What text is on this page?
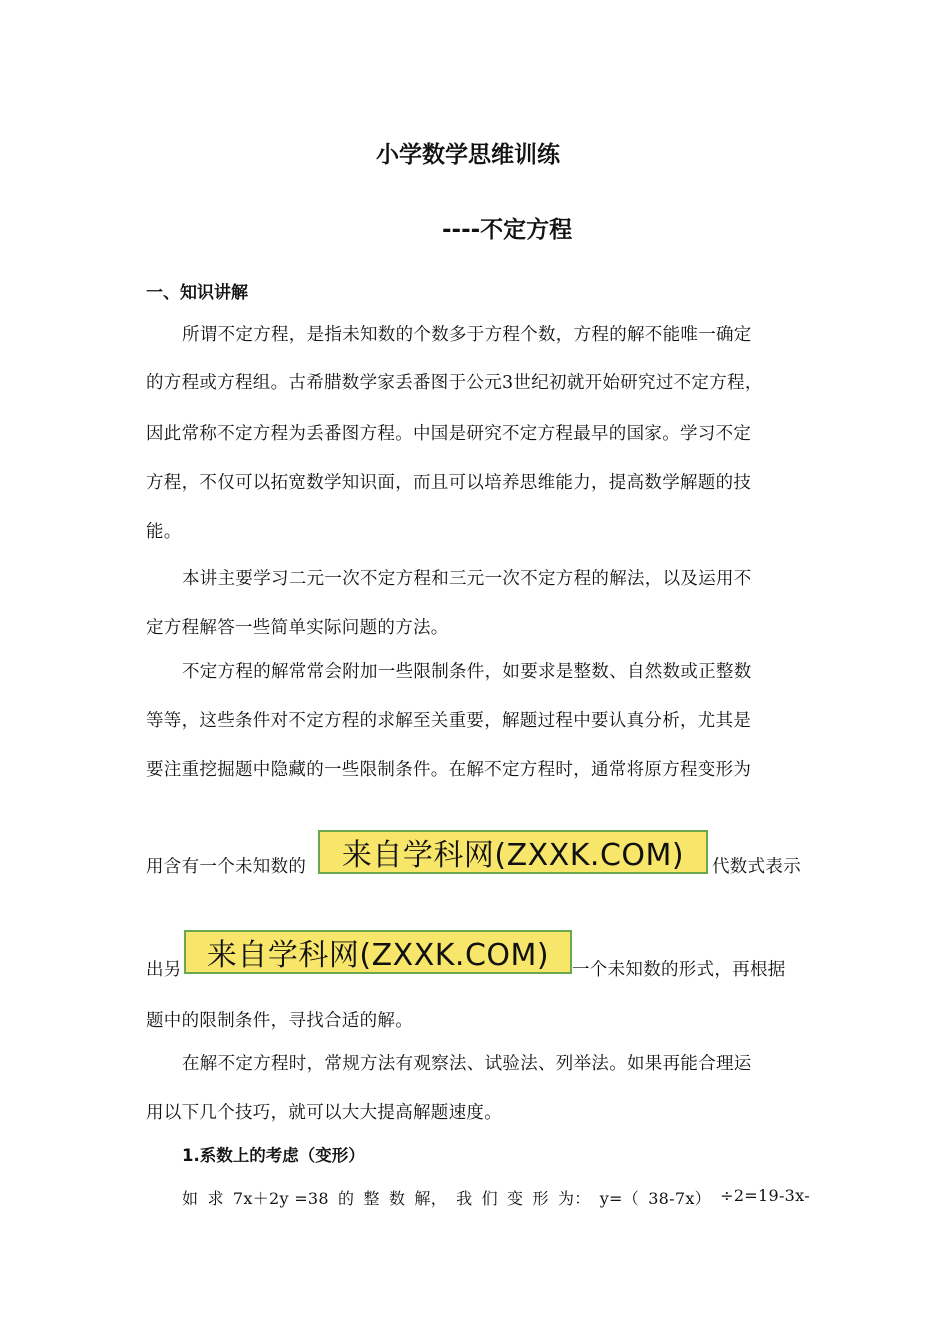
小学数学思维训练
----不定方程
一、知识讲解
所谓不定方程，是指未知数的个数多于方程个数，方程的解不能唯一确定
的方程或方程组。古希腊数学家丢番图于公元3世纪初就开始研究过不定方程，
因此常称不定方程为丢番图方程。中国是研究不定方程最早的国家。学习不定
方程，不仅可以拓宽数学知识面，而且可以培养思维能力，提高数学解题的技
能。
本讲主要学习二元一次不定方程和三元一次不定方程的解法，以及运用不
定方程解答一些简单实际问题的方法。
不定方程的解常常会附加一些限制条件，如要求是整数、自然数或正整数
等等，这些条件对不定方程的求解至关重要，解题过程中要认真分析，尤其是
要注重挖掘题中隐藏的一些限制条件。在解不定方程时，通常将原方程变形为
用含有一个未知数的	来自学科网(ZXXK.COM)	代数式表示
出另 来自学科网(ZXXK.COM)	一个未知数的形式，再根据
题中的限制条件，寻找合适的解。
在解不定方程时，常规方法有观察法、试验法、列举法。如果再能合理运
用以下几个技巧，就可以大大提高解题速度。
1.系数上的考虑（变形）
如 求 7x＋2y =38 的 整 数 解， 我 们 变 形 为： y=（ 38-7x） ÷2=19-3x-
